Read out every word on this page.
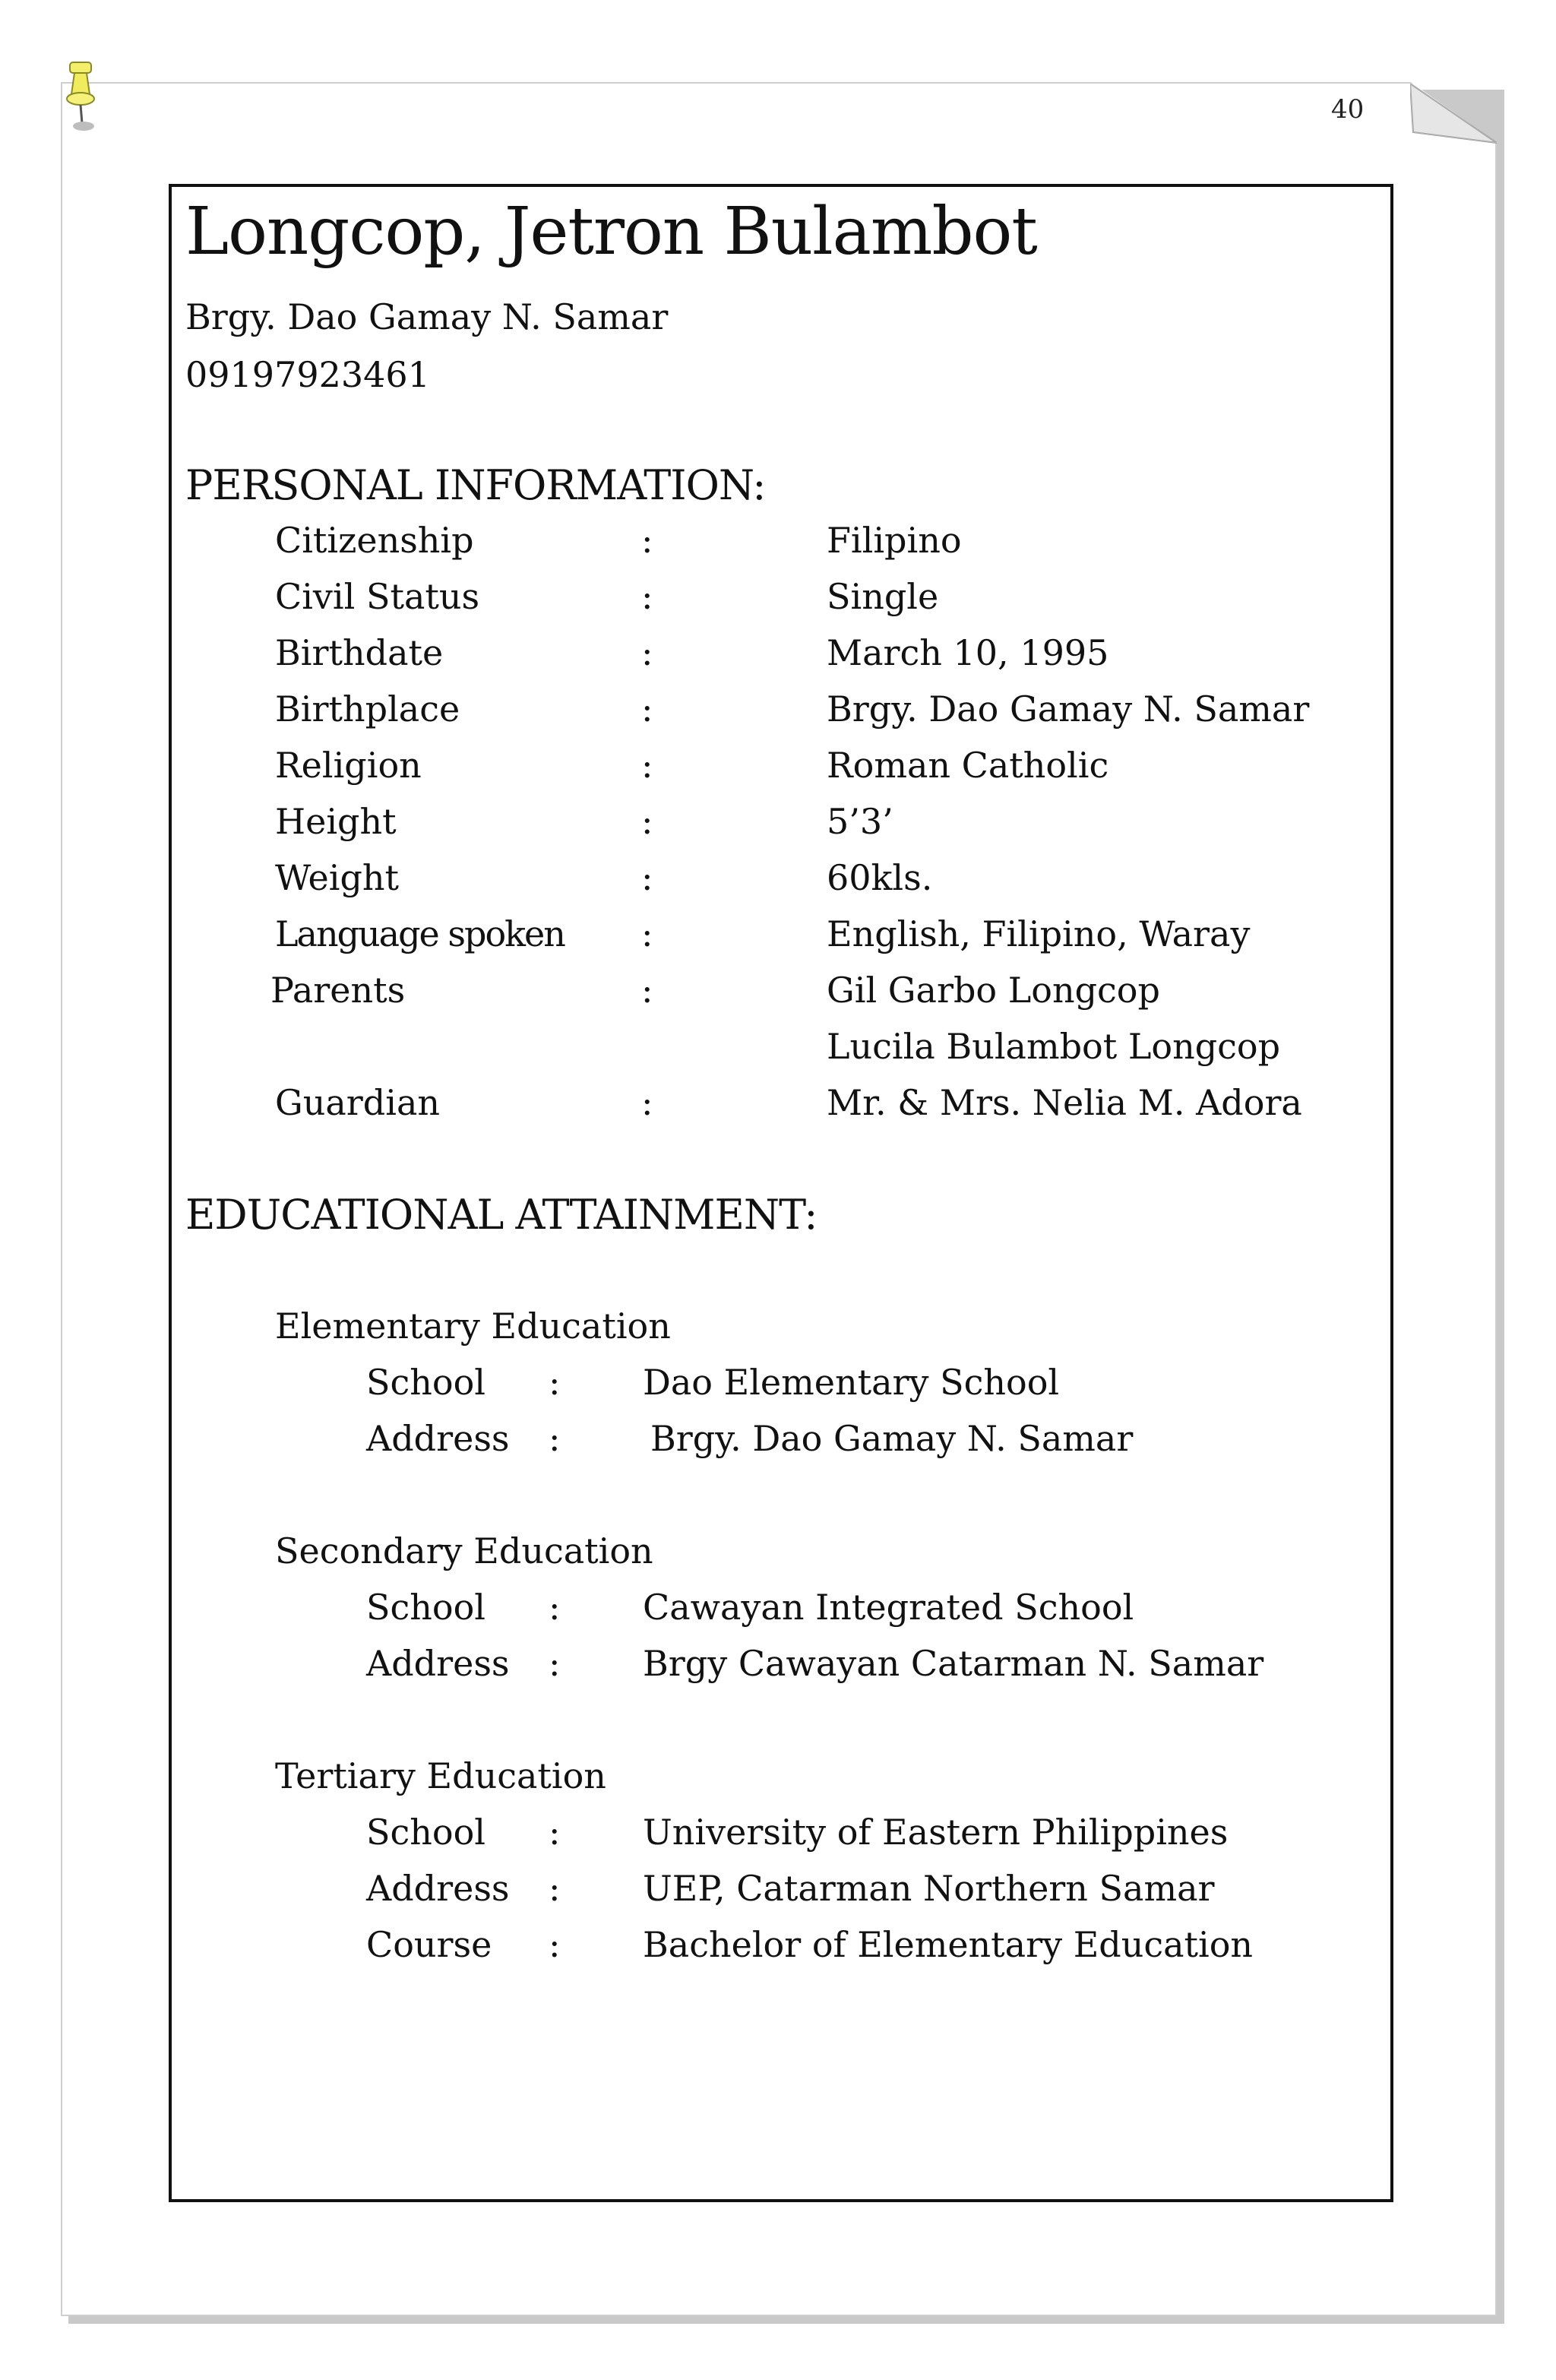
40
Longcop, Jetron Bulambot
Brgy. Dao Gamay N. Samar
09197923461
PERSONAL INFORMATION:
Citizenship	:	Filipino
Civil Status	:	Single
Birthdate	:	March 10, 1995
Birthplace	:	Brgy. Dao Gamay N. Samar
Religion	:	Roman Catholic
Height	:	5’3’
Weight	:	60kls.
Language spoken :	English, Filipino, Waray
Parents	:	Gil Garbo Longcop
Lucila Bulambot Longcop
Guardian	:	Mr. & Mrs. Nelia M. Adora
EDUCATIONAL ATTAINMENT:
Elementary Education
School : Dao Elementary School
Address :	Brgy. Dao Gamay N. Samar
Secondary Education
School : Cawayan Integrated School
Address : Brgy Cawayan Catarman N. Samar
Tertiary Education
School : University of Eastern Philippines
Address : UEP, Catarman Northern Samar
Course : Bachelor of Elementary Education
